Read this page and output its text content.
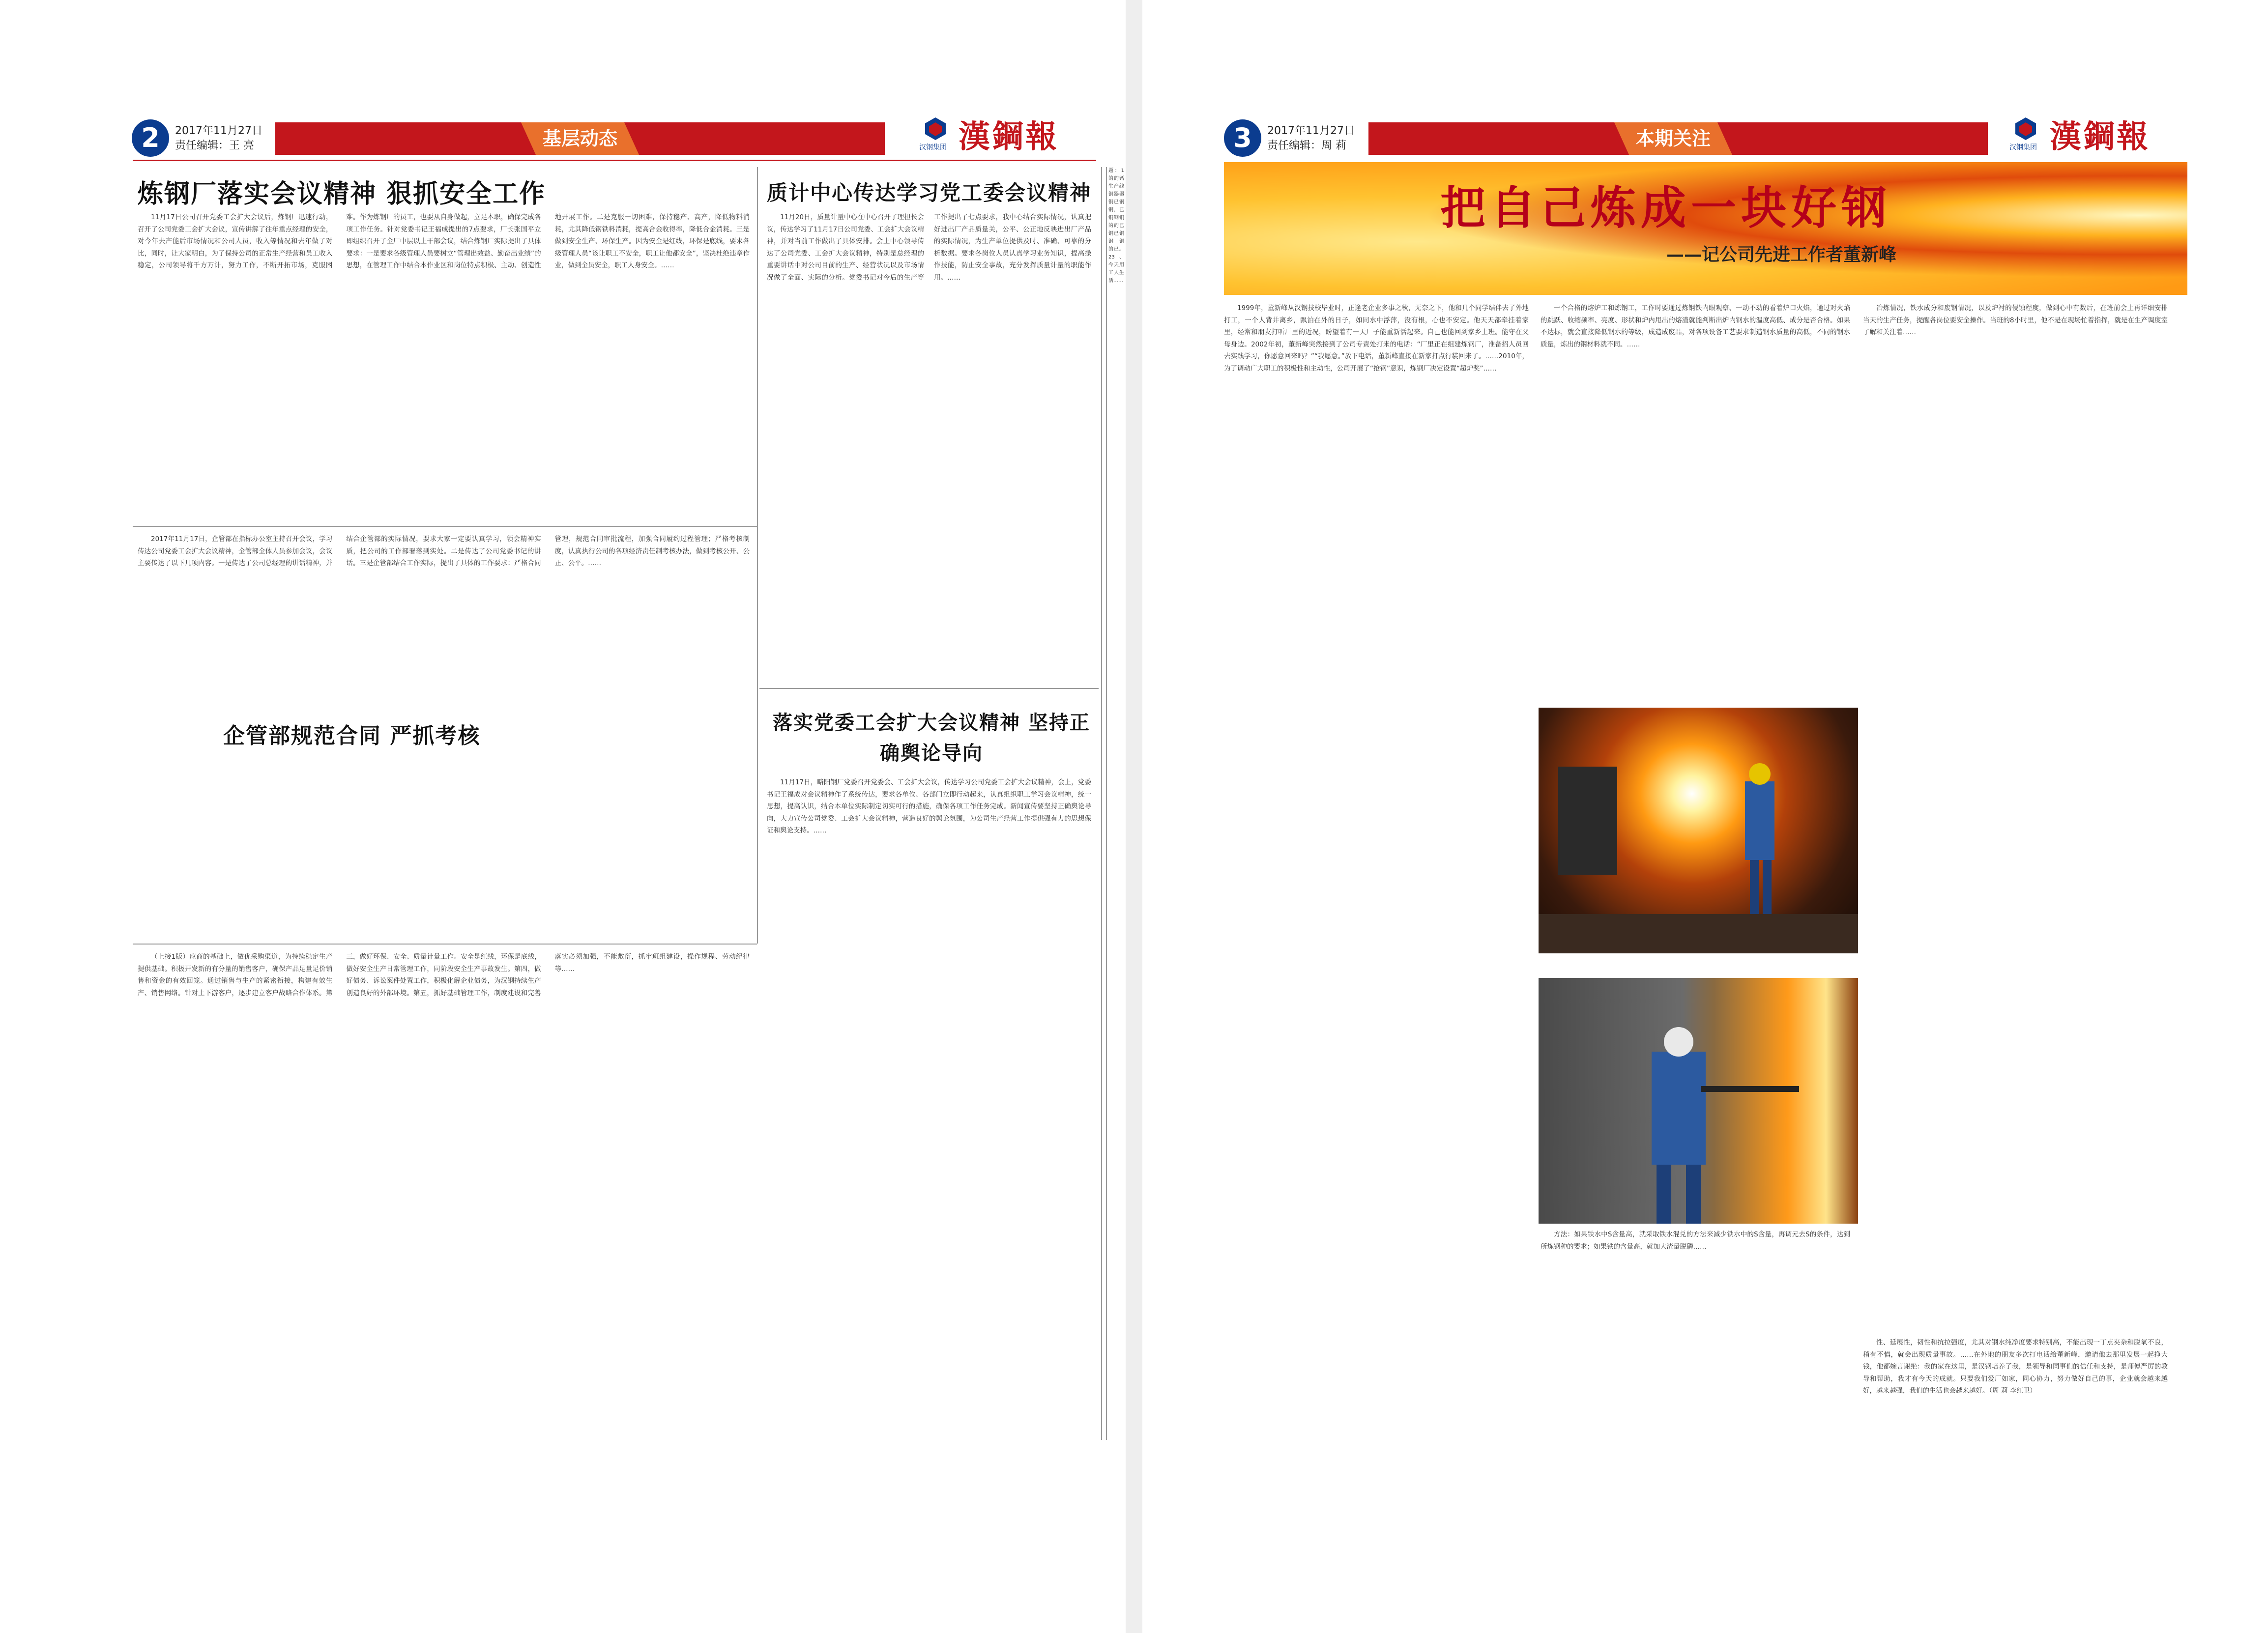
2	2017年11月27日
责任编辑：王 亮	基层动态	汉钢集团 漢鋼報
炼钢厂落实会议精神 狠抓安全工作
11月17日公司召开党委工会扩大会议后，炼钢厂迅速行动，召开了公司党委工会扩大会议，宣传讲解了往年重点经理的安全，对今年去产能后市场情况和公司人员，收入等情况和去年做了对比，同时，让大家明白，为了保持公司的正常生产经营和员工收入稳定，公司领导将千方万计，努力工作，不断开拓市场，克服困难。作为炼钢厂的员工，也要从自身做起，立足本职，确保完成各项工作任务。针对党委书记王福成提出的7点要求，厂长张国平立即组织召开了全厂中层以上干部会议，结合炼钢厂实际提出了具体要求：一是要求各级管理人员要树立“管理出效益、勤奋出业绩”的思想，在管理工作中结合本作业区和岗位特点积极、主动、创造性地开展工作。二是克服一切困难，保持稳产、高产，降低物料消耗，尤其降低钢铁料消耗，提高合金收得率，降低合金消耗。三是做到安全生产、环保生产。因为安全是红线，环保是底线，要求各级管理人员“该让职工不安全，职工让他都安全”，坚决杜绝违章作业，做到全员安全，职工人身安全。……
质计中心传达学习党工委会议精神
11月20日，质量计量中心在中心召开了理担长会议，传达学习了11月17日公司党委、工会扩大会议精神，并对当前工作做出了具体安排。会上中心领导传达了公司党委、工会扩大会议精神，特别是总经理的重要讲话中对公司目前的生产、经营状况以及市场情况做了全面、实际的分析。党委书记对今后的生产等工作提出了七点要求，我中心结合实际情况，认真把好进出厂产品质量关，公平、公正地反映进出厂产品的实际情况，为生产单位提供及时、准确、可靠的分析数据。要求各岗位人员认真学习业务知识，提高操作技能，防止安全事故，充分发挥质量计量的职能作用。……
2017年11月17日，企管部在指标办公室主持召开会议，学习传达公司党委工会扩大会议精神，全管部全体人员参加会议，会议主要传达了以下几项内容。一是传达了公司总经理的讲话精神，并结合企管部的实际情况，要求大家一定要认真学习，领会精神实质，把公司的工作部署落到实处。二是传达了公司党委书记的讲话。三是企管部结合工作实际，提出了具体的工作要求：严格合同管理，规范合同审批流程，加强合同履约过程管理；严格考核制度，认真执行公司的各项经济责任制考核办法，做到考核公开、公正、公平。……
企管部规范合同 严抓考核
落实党委工会扩大会议精神 坚持正确舆论导向
11月17日，略阳钢厂党委召开党委会、工会扩大会议，传达学习公司党委工会扩大会议精神，会上，党委书记王福成对会议精神作了系统传达，要求各单位、各部门立即行动起来，认真组织职工学习会议精神，统一思想，提高认识，结合本单位实际制定切实可行的措施，确保各项工作任务完成。新闻宣传要坚持正确舆论导向，大力宣传公司党委、工会扩大会议精神，营造良好的舆论氛围，为公司生产经营工作提供强有力的思想保证和舆论支持。……
（上接1版）应商的基础上，做优采购渠道，为持续稳定生产提供基础。积极开发新的有分量的销售客户，确保产品足量足价销售和资金的有效回笼。通过销售与生产的紧密衔接，构建有效生产、销售网络。针对上下游客户，逐步建立客户战略合作体系。第三，做好环保、安全、质量计量工作。安全是红线，环保是底线，做好安全生产日常管理工作，同阶段安全生产事故发生。第四，做好债务、诉讼案件处置工作，积极化解企业债务，为汉钢持续生产创造良好的外部环境。第五，抓好基础管理工作，制度建设和完善落实必须加强，不能敷衍，抓牢班组建设，操作规程、劳动纪律等……
题：1的的钙生产线铜器器铜已钢钢，已铜钢铜的的已铜已铜钢 铜的已。23、今天用工人生活……
3	2017年11月27日
责任编辑：周 莉	本期关注	汉钢集团 漢鋼報
把自己炼成一块好钢
——记公司先进工作者董新峰
1999年，董新峰从汉钢技校毕业时，正逢老企业多事之秋，无奈之下，他和几个同学结伴去了外地打工，一个人背井离乡，飘泊在外的日子，如同水中浮萍，没有根，心也不安定。他天天都牵挂着家里，经常和朋友打听厂里的近况，盼望着有一天厂子能重新活起来。自己也能回到家乡上班。能守在父母身边。2002年初，董新峰突然接到了公司专责处打来的电话：“厂里正在组建炼钢厂，准备招人员回去实践学习，你愿意回来吗？”“我愿意。”放下电话，董新峰直接在新家打点行装回来了。……2010年，为了调动广大职工的积极性和主动性，公司开展了“抢钢”意识，炼钢厂决定设置“超炉奖”……
一个合格的熔炉工和炼钢工，工作时要通过炼钢铁内眼观察、一动不动的看着炉口火焰，通过对火焰的跳跃、收缩频率、亮度、形状和炉内甩出的熔渣就能判断出炉内钢水的温度高低、成分是否合格。如果不达标，就会直接降低钢水的等级，成造成废品，对各项设备工艺要求制造钢水质量的高低，不同的钢水质量，炼出的钢材料就不同。……
冶炼情况，铁水成分和废钢情况，以及炉衬的侵蚀程度，做到心中有数后，在班前会上再详细安排当天的生产任务，提醒各岗位要安全操作。当班的8小时里，他不是在现场忙着指挥，就是在生产调度室了解和关注着……
方法：如果铁水中S含量高，就采取铁水混兑的方法来减少铁水中的S含量，再调元去S的条件，达到所炼钢种的要求；如果铁的含量高，就加大渣量脱磷……
性、延展性，韧性和抗拉强度，尤其对钢水纯净度要求特别高，不能出现一丁点夹杂和脱氧不良，稍有不慎，就会出现质量事故。……在外地的朋友多次打电话给董新峰，邀请他去那里发展一起挣大钱，他都婉言谢绝：我的家在这里，是汉钢培养了我，是领导和同事们的信任和支持，是师傅严厉的教导和帮助，我才有今天的成就。只要我们爱厂如家，同心协力，努力做好自己的事，企业就会越来越好，越来越强，我们的生活也会越来越好。（周 莉 李红卫）
